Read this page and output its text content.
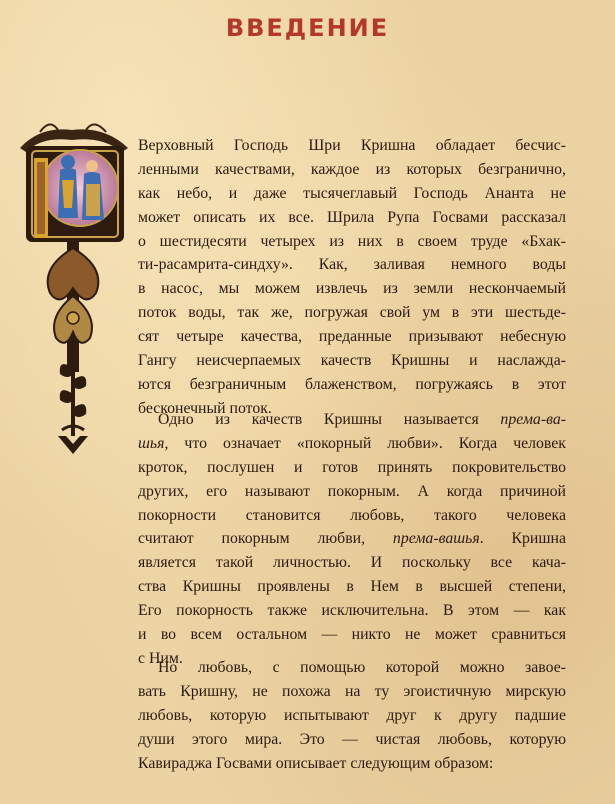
ВВЕДЕНИЕ
Верховный Господь Шри Кришна обладает бесчис-
ленными качествами, каждое из которых безгранично,
как небо, и даже тысячеглавый Господь Ананта не
может описать их все. Шрила Рупа Госвами рассказал
о шестидесяти четырех из них в своем труде «Бхак-
ти-расамрита-синдху». Как, заливая немного воды
в насос, мы можем извлечь из земли нескончаемый
поток воды, так же, погружая свой ум в эти шестьде-
сят четыре качества, преданные призывают небесную
Гангу неисчерпаемых качеств Кришны и наслажда-
ются безграничным блаженством, погружаясь в этот
бесконечный поток.
Одно из качеств Кришны называется према-ва-
шья, что означает «покорный любви». Когда человек
кроток, послушен и готов принять покровительство
других, его называют покорным. А когда причиной
покорности становится любовь, такого человека
считают покорным любви, према-вашья. Кришна
является такой личностью. И поскольку все кача-
ства Кришны проявлены в Нем в высшей степени,
Его покорность также исключительна. В этом — как
и во всем остальном — никто не может сравниться
с Ним.
Но любовь, с помощью которой можно завое-
вать Кришну, не похожа на ту эгоистичную мирскую
любовь, которую испытывают друг к другу падшие
души этого мира. Это — чистая любовь, которую
Кавираджа Госвами описывает следующим образом:
